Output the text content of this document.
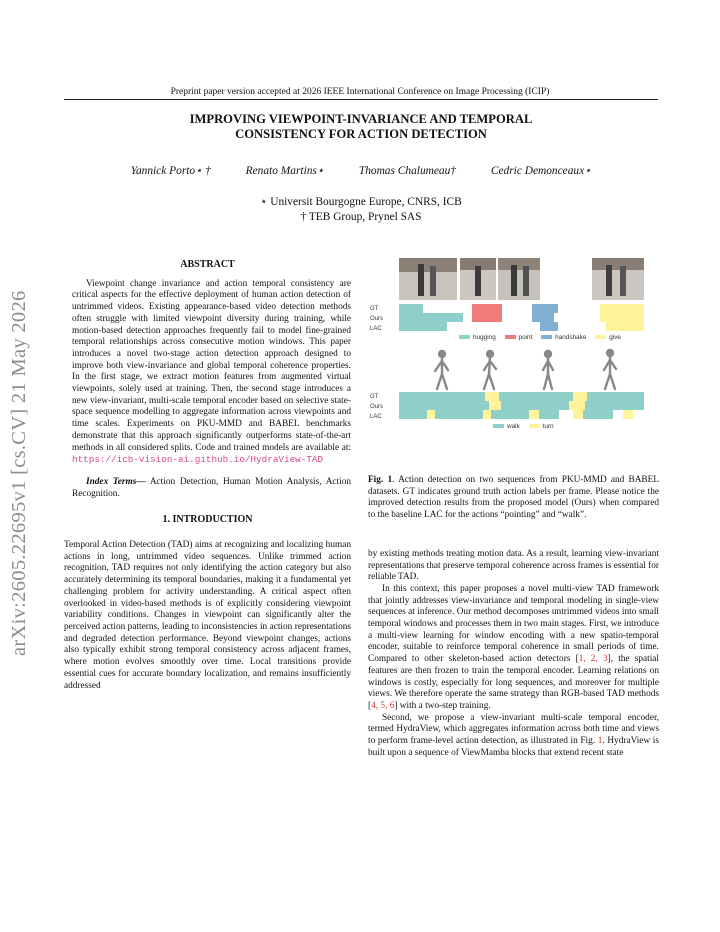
Preprint paper version accepted at 2026 IEEE International Conference on Image Processing (ICIP)
IMPROVING VIEWPOINT-INVARIANCE AND TEMPORAL
CONSISTENCY FOR ACTION DETECTION
Yannick Porto⋆ †	Renato Martins⋆	Thomas Chalumeau†	Cedric Demonceaux⋆
⋆ Universit Bourgogne Europe, CNRS, ICB
† TEB Group, Prynel SAS
arXiv:2605.22695v1 [cs.CV] 21 May 2026
ABSTRACT

Viewpoint change invariance and action temporal consistency are critical aspects for the effective deployment of human action detection of untrimmed videos. Existing appearance-based video detection methods often struggle with limited viewpoint diversity during training, while motion-based detection approaches frequently fail to model fine-grained temporal relationships across consecutive motion windows. This paper introduces a novel two-stage action detection approach designed to improve both view-invariance and global temporal coherence properties. In the first stage, we extract motion features from augmented virtual viewpoints, solely used at training. Then, the second stage introduces a new view-invariant, multi-scale temporal encoder based on selective state-space sequence modelling to aggregate information across viewpoints and time scales. Experiments on PKU-MMD and BABEL benchmarks demonstrate that this approach significantly outperforms state-of-the-art methods in all considered splits. Code and trained models are available at: https://icb-vision-ai.github.io/HydraView-TAD

Index Terms— Action Detection, Human Motion Analysis, Action Recognition.

1. INTRODUCTION

Temporal Action Detection (TAD) aims at recognizing and localizing human actions in long, untrimmed video sequences. Unlike trimmed action recognition, TAD requires not only identifying the action category but also accurately determining its temporal boundaries, making it a fundamental yet challenging problem for activity understanding. A critical aspect often overlooked in video-based methods is of explicitly considering viewpoint variability conditions. Changes in viewpoint can significantly alter the perceived action patterns, leading to inconsistencies in action representations and degraded detection performance. Beyond viewpoint changes, actions also typically exhibit strong temporal consistency across adjacent frames, where motion evolves smoothly over time. Local transitions provide essential cues for accurate boundary localization, and remains insufficiently addressed

GT
Ours
LAC
GT
Ours
LAC
hugging	point	handshake	give
walk	turn

Fig. 1. Action detection on two sequences from PKU-MMD and BABEL datasets. GT indicates ground truth action labels per frame. Please notice the improved detection results from the proposed model (Ours) when compared to the baseline LAC for the actions “pointing” and “walk”.

by existing methods treating motion data. As a result, learning view-invariant representations that preserve temporal coherence across frames is essential for reliable TAD.

In this context, this paper proposes a novel multi-view TAD framework that jointly addresses view-invariance and temporal modeling in single-view sequences at inference. Our method decomposes untrimmed videos into small temporal windows and processes them in two main stages. First, we introduce a multi-view learning for window encoding with a new spatio-temporal encoder, suitable to reinforce temporal coherence in small periods of time. Compared to other skeleton-based action detectors [1, 2, 3], the spatial features are then frozen to train the temporal encoder. Learning relations on windows is costly, especially for long sequences, and moreover for multiple views. We therefore operate the same strategy than RGB-based TAD methods [4, 5, 6] with a two-step training.

Second, we propose a view-invariant multi-scale temporal encoder, termed HydraView, which aggregates information across both time and views to perform frame-level action detection, as illustrated in Fig. 1. HydraView is built upon a sequence of ViewMamba blocks that extend recent state
